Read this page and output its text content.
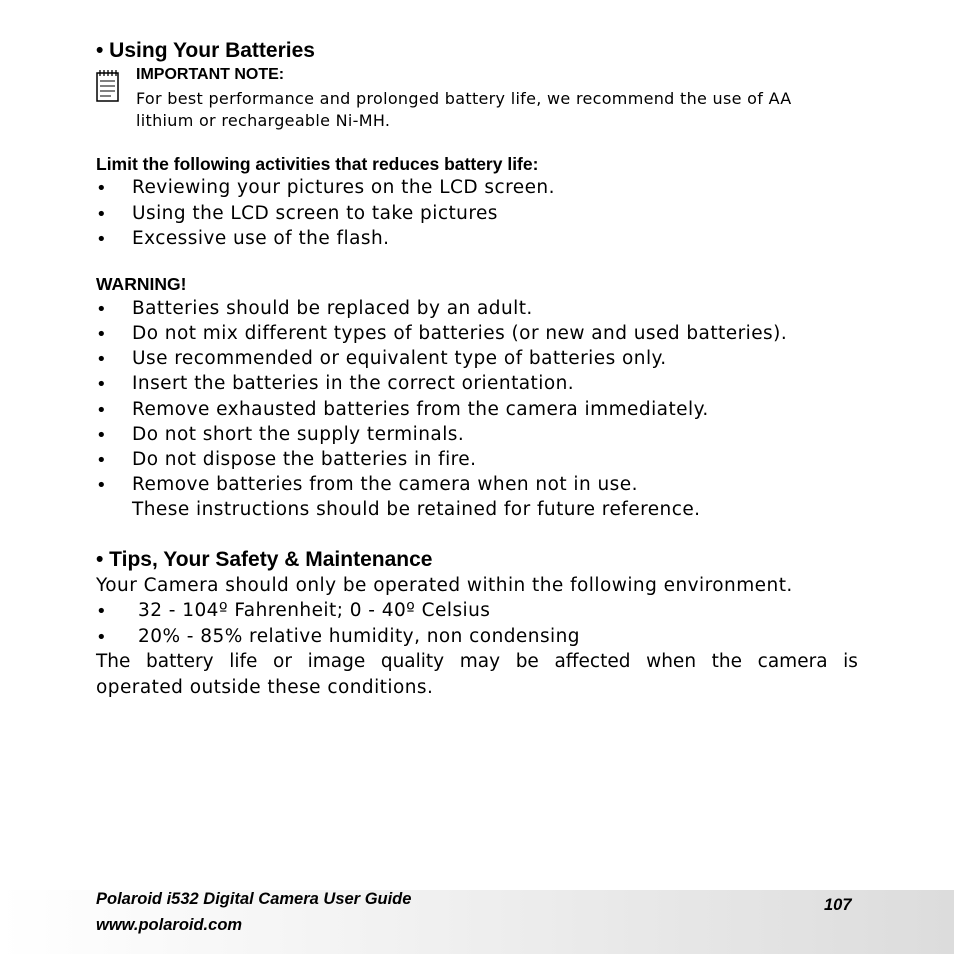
• Using Your Batteries
IMPORTANT NOTE:
For best performance and prolonged battery life, we recommend the use of AA
lithium or rechargeable Ni-MH.
Limit the following activities that reduces battery life:
• Reviewing your pictures on the LCD screen.
• Using the LCD screen to take pictures
• Excessive use of the flash.
WARNING!
• Batteries should be replaced by an adult.
• Do not mix different types of batteries (or new and used batteries).
• Use recommended or equivalent type of batteries only.
• Insert the batteries in the correct orientation.
• Remove exhausted batteries from the camera immediately.
• Do not short the supply terminals.
• Do not dispose the batteries in fire.
• Remove batteries from the camera when not in use.
These instructions should be retained for future reference.
• Tips, Your Safety & Maintenance
Your Camera should only be operated within the following environment.
• 32 - 104º Fahrenheit; 0 - 40º Celsius
• 20% - 85% relative humidity, non condensing
The battery life or image quality may be affected when the camera is
operated outside these conditions.
Polaroid i532 Digital Camera User Guide
www.polaroid.com
107
